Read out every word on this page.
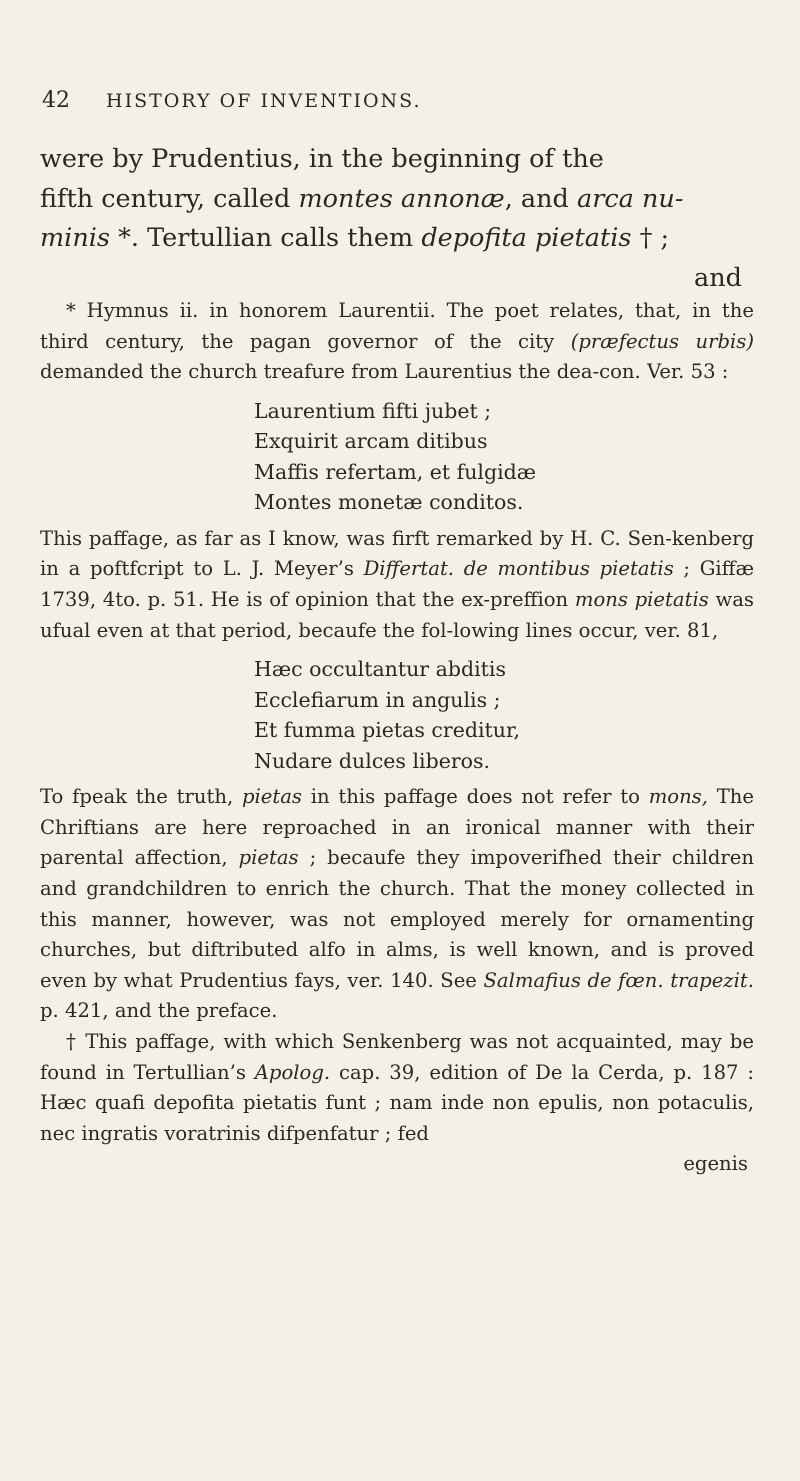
42 HISTORY OF INVENTIONS.

were by Prudentius, in the beginning of the

fifth century, called montes annonæ, and arca nu-

minis *. Tertullian calls them depofita pietatis † ;

and

* Hymnus ii. in honorem Laurentii. The poet relates, that, in the third century, the pagan governor of the city (præfectus urbis) demanded the church treafure from Laurentius the dea-con. Ver. 53 :

Laurentium fifti jubet ;

Exquirit arcam ditibus

Maffis refertam, et fulgidæ

Montes monetæ conditos.

This paffage, as far as I know, was firft remarked by H. C. Sen-kenberg in a poftfcript to L. J. Meyer’s Differtat. de montibus pietatis ; Giffæ 1739, 4to. p. 51. He is of opinion that the ex-preffion mons pietatis was ufual even at that period, becaufe the fol-lowing lines occur, ver. 81,

Hæc occultantur abditis

Ecclefiarum in angulis ;

Et fumma pietas creditur,

Nudare dulces liberos.

To fpeak the truth, pietas in this paffage does not refer to mons, The Chriftians are here reproached in an ironical manner with their parental affection, pietas ; becaufe they impoverifhed their children and grandchildren to enrich the church. That the money collected in this manner, however, was not employed merely for ornamenting churches, but diftributed alfo in alms, is well known, and is proved even by what Prudentius fays, ver. 140. See Salmafius de fœn. trapezit. p. 421, and the preface.

† This paffage, with which Senkenberg was not acquainted, may be found in Tertullian’s Apolog. cap. 39, edition of De la Cerda, p. 187 : Hæc quafi depofita pietatis funt ; nam inde non epulis, non potaculis, nec ingratis voratrinis difpenfatur ; fed

egenis
